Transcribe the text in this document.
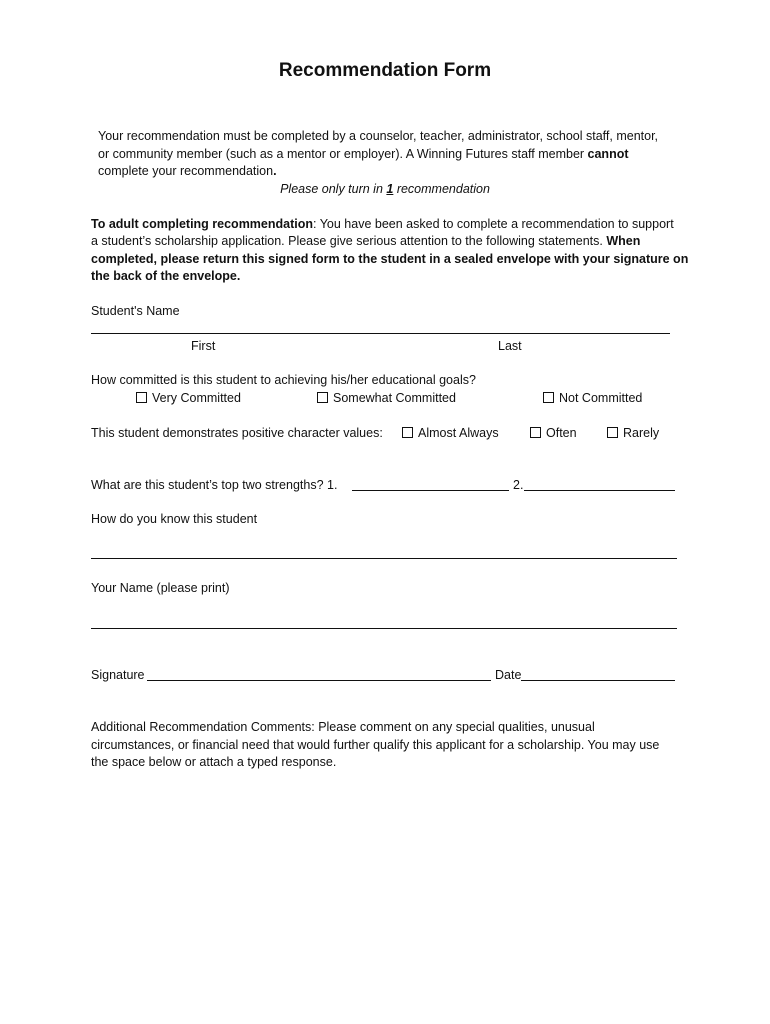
Recommendation Form
Your recommendation must be completed by a counselor, teacher, administrator, school staff, mentor,
or community member (such as a mentor or employer). A Winning Futures staff member cannot
complete your recommendation.
Please only turn in 1 recommendation
To adult completing recommendation: You have been asked to complete a recommendation to support
a student’s scholarship application. Please give serious attention to the following statements. When
completed, please return this signed form to the student in a sealed envelope with your signature on
the back of the envelope.
Student's Name
First	Last
How committed is this student to achieving his/her educational goals?
Very Committed	Somewhat Committed	Not Committed
This student demonstrates positive character values:	Almost Always	Often	Rarely
What are this student’s top two strengths? 1.	2.
How do you know this student
Your Name (please print)
Signature	Date
Additional Recommendation Comments: Please comment on any special qualities, unusual
circumstances, or financial need that would further qualify this applicant for a scholarship. You may use
the space below or attach a typed response.
